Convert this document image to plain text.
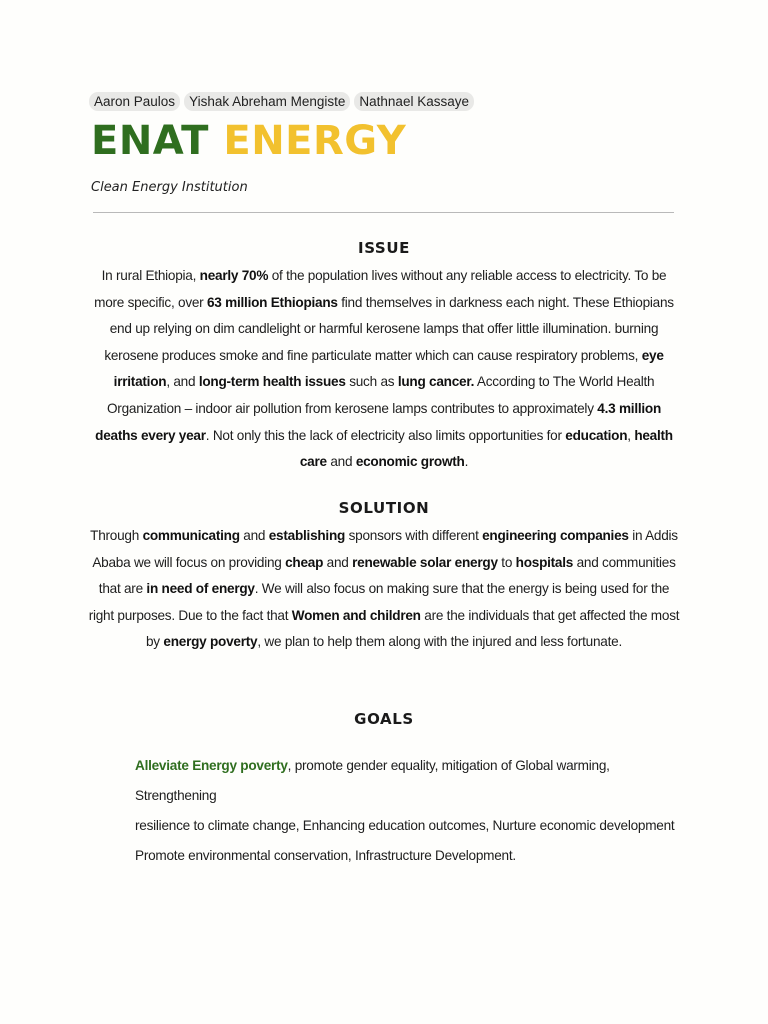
Aaron Paulos	Yishak Abreham Mengiste	Nathnael Kassaye
ENAT ENERGY
Clean Energy Institution
ISSUE
In rural Ethiopia, nearly 70% of the population lives without any reliable access to electricity. To be more specific, over 63 million Ethiopians find themselves in darkness each night. These Ethiopians end up relying on dim candlelight or harmful kerosene lamps that offer little illumination. burning kerosene produces smoke and fine particulate matter which can cause respiratory problems, eye irritation, and long-term health issues such as lung cancer. According to The World Health Organization – indoor air pollution from kerosene lamps contributes to approximately 4.3 million deaths every year. Not only this the lack of electricity also limits opportunities for education, health care and economic growth.
SOLUTION
Through communicating and establishing sponsors with different engineering companies in Addis Ababa we will focus on providing cheap and renewable solar energy to hospitals and communities that are in need of energy. We will also focus on making sure that the energy is being used for the right purposes. Due to the fact that Women and children are the individuals that get affected the most by energy poverty, we plan to help them along with the injured and less fortunate.
GOALS
Alleviate Energy poverty, promote gender equality, mitigation of Global warming, Strengthening
resilience to climate change, Enhancing education outcomes, Nurture economic development
Promote environmental conservation, Infrastructure Development.
